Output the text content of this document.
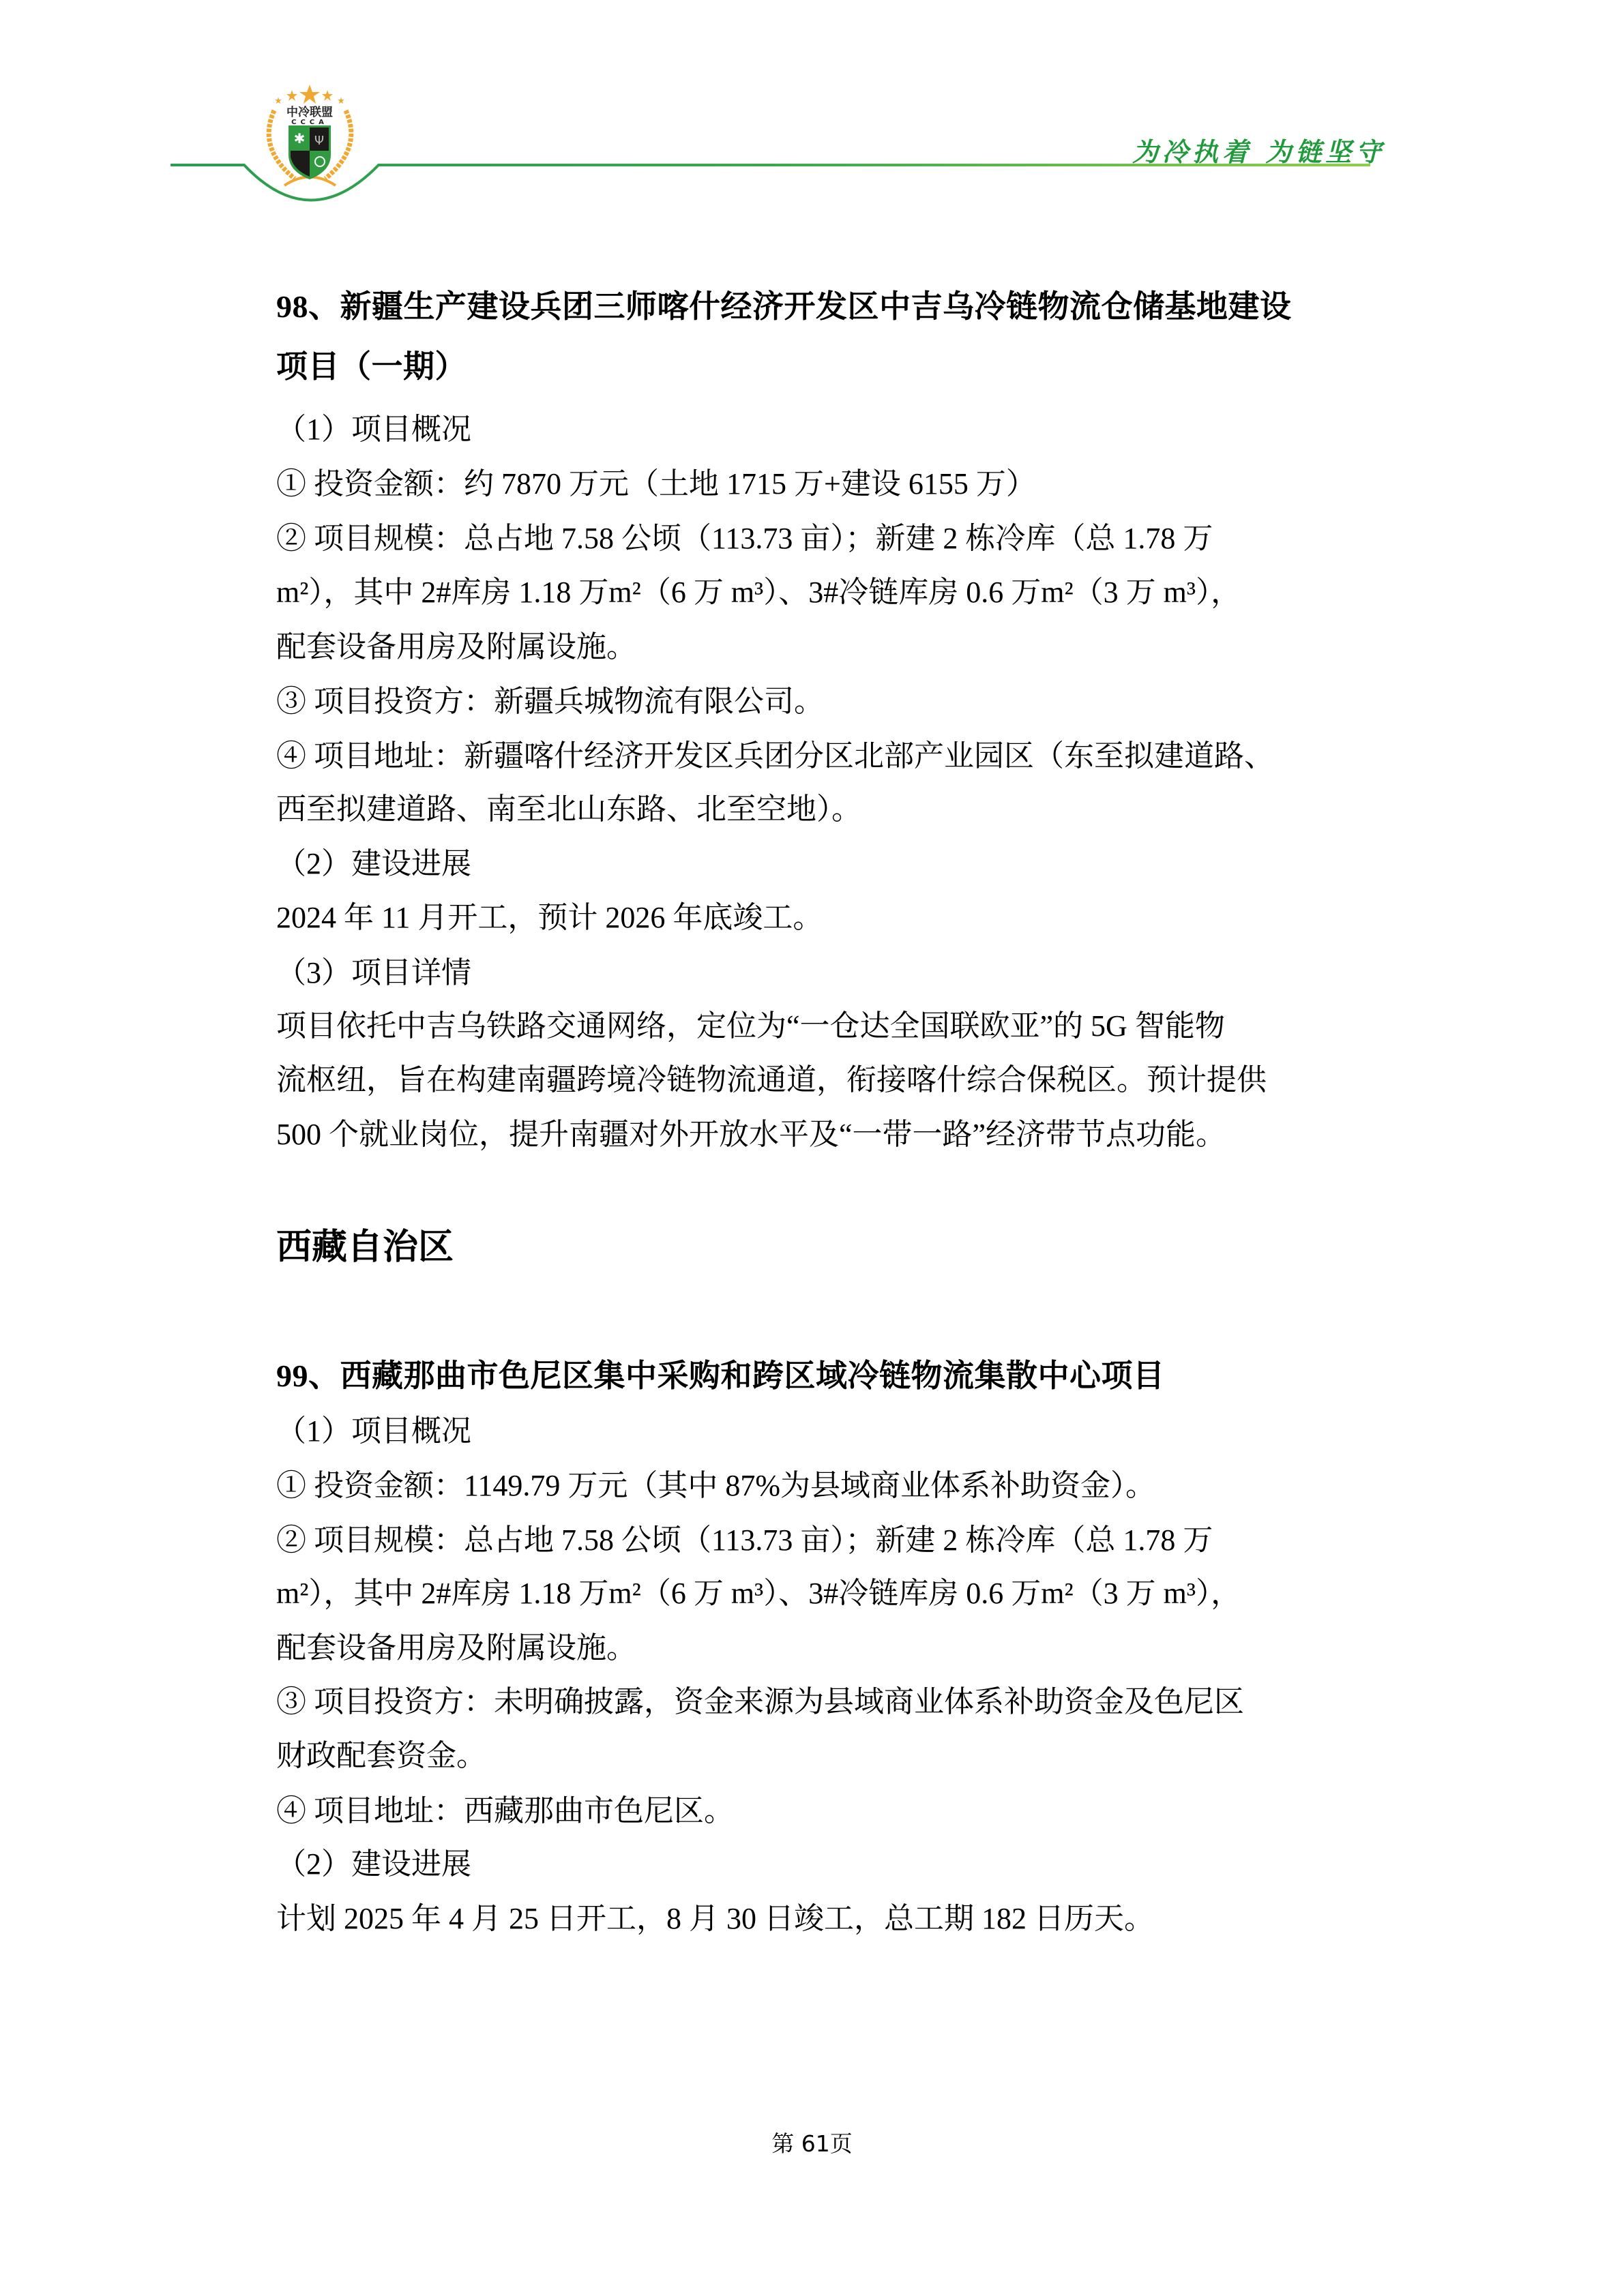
中冷联盟
CCCA
✱ Ψ	为冷执着 为链坚守
98、新疆生产建设兵团三师喀什经济开发区中吉乌冷链物流仓储基地建设
项目（一期）
（1）项目概况
① 投资金额：约 7870 万元（土地 1715 万+建设 6155 万）
② 项目规模：总占地 7.58 公顷（113.73 亩）；新建 2 栋冷库（总 1.78 万
m²），其中 2#库房 1.18 万m²（6 万 m³）、3#冷链库房 0.6 万m²（3 万 m³），
配套设备用房及附属设施。
③ 项目投资方：新疆兵城物流有限公司。
④ 项目地址：新疆喀什经济开发区兵团分区北部产业园区（东至拟建道路、
西至拟建道路、南至北山东路、北至空地）。
（2）建设进展
2024 年 11 月开工，预计 2026 年底竣工。
（3）项目详情
项目依托中吉乌铁路交通网络，定位为“一仓达全国联欧亚”的 5G 智能物
流枢纽，旨在构建南疆跨境冷链物流通道，衔接喀什综合保税区。预计提供
500 个就业岗位，提升南疆对外开放水平及“一带一路”经济带节点功能。
西藏自治区
99、西藏那曲市色尼区集中采购和跨区域冷链物流集散中心项目
（1）项目概况
① 投资金额：1149.79 万元（其中 87%为县域商业体系补助资金）。
② 项目规模：总占地 7.58 公顷（113.73 亩）；新建 2 栋冷库（总 1.78 万
m²），其中 2#库房 1.18 万m²（6 万 m³）、3#冷链库房 0.6 万m²（3 万 m³），
配套设备用房及附属设施。
③ 项目投资方：未明确披露，资金来源为县域商业体系补助资金及色尼区
财政配套资金。
④ 项目地址：西藏那曲市色尼区。
（2）建设进展
计划 2025 年 4 月 25 日开工，8 月 30 日竣工，总工期 182 日历天。
第 61页
